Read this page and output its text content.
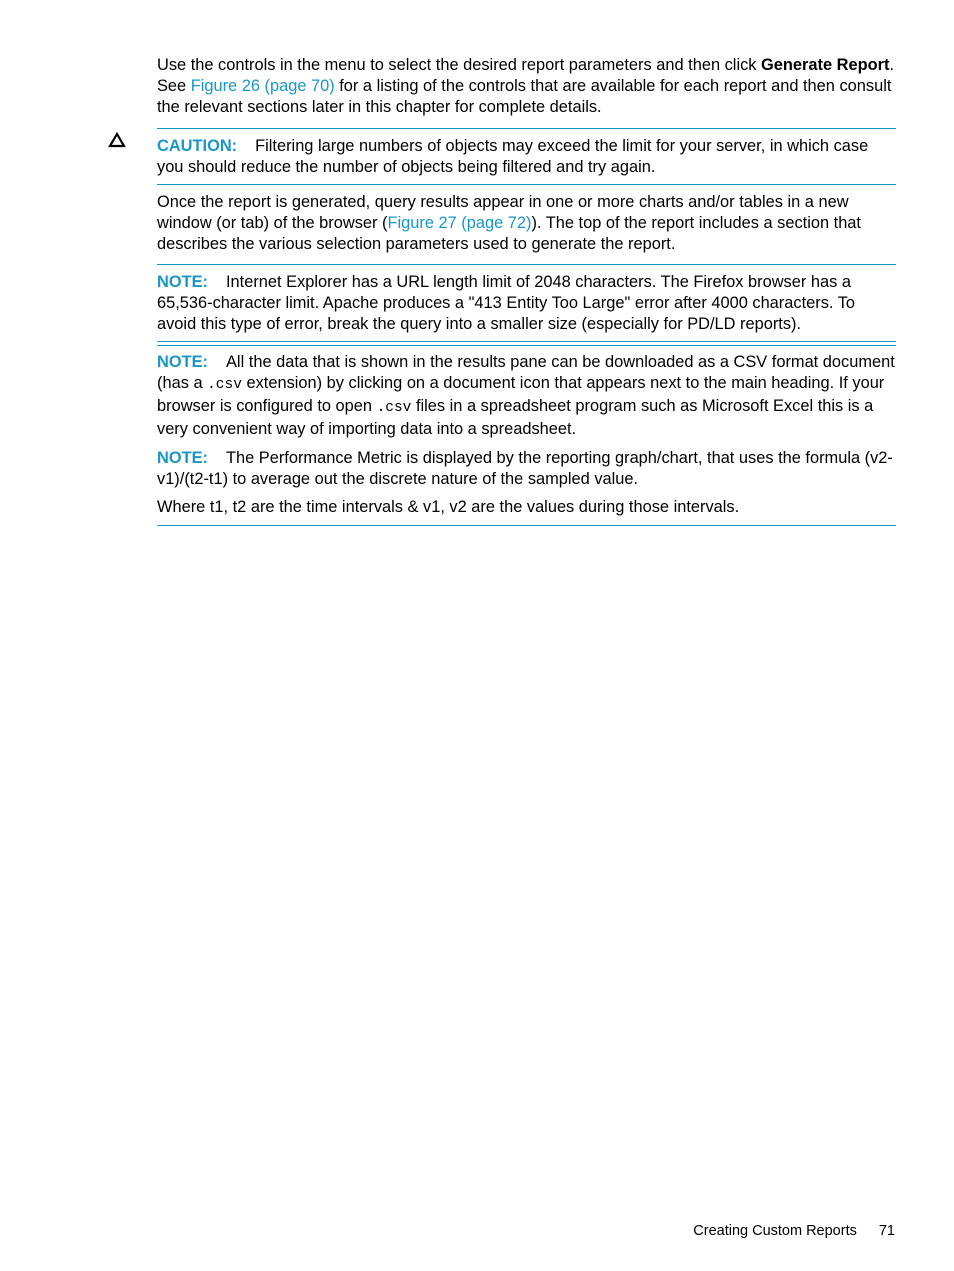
Use the controls in the menu to select the desired report parameters and then click Generate Report. See Figure 26 (page 70) for a listing of the controls that are available for each report and then consult the relevant sections later in this chapter for complete details.

CAUTION: Filtering large numbers of objects may exceed the limit for your server, in which case you should reduce the number of objects being filtered and try again.

Once the report is generated, query results appear in one or more charts and/or tables in a new window (or tab) of the browser (Figure 27 (page 72)). The top of the report includes a section that describes the various selection parameters used to generate the report.

NOTE: Internet Explorer has a URL length limit of 2048 characters. The Firefox browser has a 65,536-character limit. Apache produces a "413 Entity Too Large" error after 4000 characters. To avoid this type of error, break the query into a smaller size (especially for PD/LD reports).

NOTE: All the data that is shown in the results pane can be downloaded as a CSV format document (has a .csv extension) by clicking on a document icon that appears next to the main heading. If your browser is configured to open .csv files in a spreadsheet program such as Microsoft Excel this is a very convenient way of importing data into a spreadsheet.

NOTE: The Performance Metric is displayed by the reporting graph/chart, that uses the formula (v2-v1)/(t2-t1) to average out the discrete nature of the sampled value.

Where t1, t2 are the time intervals & v1, v2 are the values during those intervals.

Creating Custom Reports 71
